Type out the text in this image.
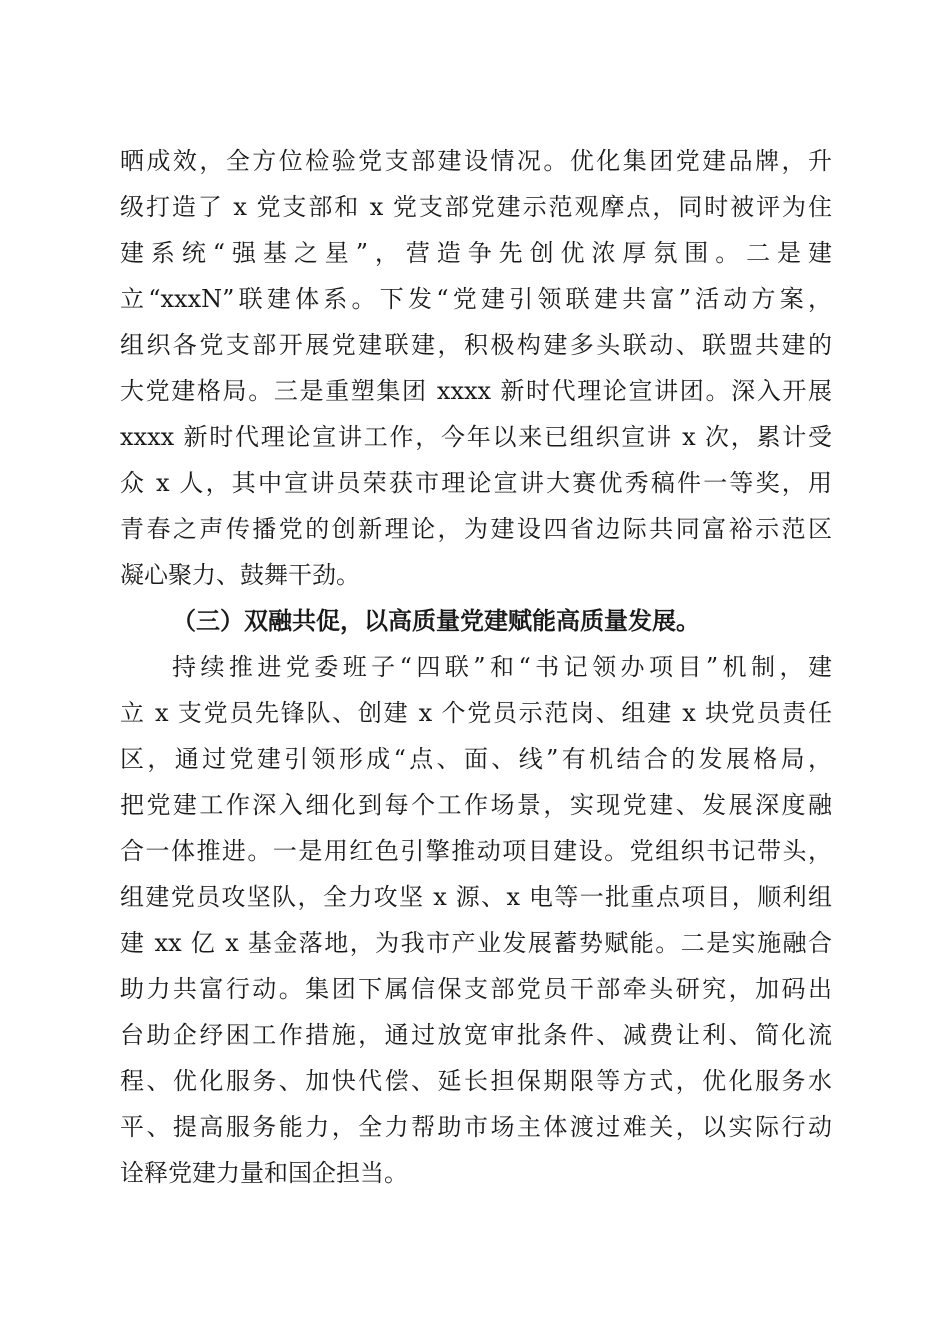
晒成效，全方位检验党支部建设情况。优化集团党建品牌，升
级打造了 x 党支部和 x 党支部党建示范观摩点，同时被评为住
建系统“强基之星”，营造争先创优浓厚氛围。二是建
立“xxxN”联建体系。下发“党建引领联建共富”活动方案，
组织各党支部开展党建联建，积极构建多头联动、联盟共建的
大党建格局。三是重塑集团 xxxx 新时代理论宣讲团。深入开展
xxxx 新时代理论宣讲工作，今年以来已组织宣讲 x 次，累计受
众 x 人，其中宣讲员荣获市理论宣讲大赛优秀稿件一等奖，用
青春之声传播党的创新理论，为建设四省边际共同富裕示范区
凝心聚力、鼓舞干劲。
（三）双融共促，以高质量党建赋能高质量发展。
持续推进党委班子“四联”和“书记领办项目”机制，建
立 x 支党员先锋队、创建 x 个党员示范岗、组建 x 块党员责任
区，通过党建引领形成“点、面、线”有机结合的发展格局，
把党建工作深入细化到每个工作场景，实现党建、发展深度融
合一体推进。一是用红色引擎推动项目建设。党组织书记带头，
组建党员攻坚队，全力攻坚 x 源、x 电等一批重点项目，顺利组
建 xx 亿 x 基金落地，为我市产业发展蓄势赋能。二是实施融合
助力共富行动。集团下属信保支部党员干部牵头研究，加码出
台助企纾困工作措施，通过放宽审批条件、减费让利、简化流
程、优化服务、加快代偿、延长担保期限等方式，优化服务水
平、提高服务能力，全力帮助市场主体渡过难关，以实际行动
诠释党建力量和国企担当。
